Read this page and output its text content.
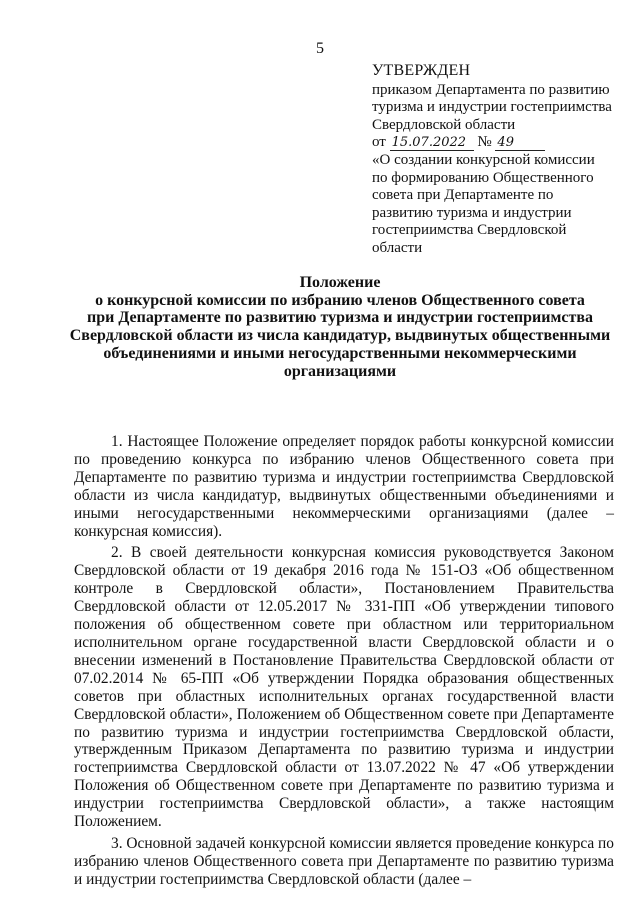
5
УТВЕРЖДЕН
приказом Департамента по развитию
туризма и индустрии гостеприимства
Свердловской области
от 15.07.2022 № 49
«О создании конкурсной комиссии
по формированию Общественного
совета при Департаменте по
развитию туризма и индустрии
гостеприимства Свердловской
области
Положение
о конкурсной комиссии по избранию членов Общественного совета
при Департаменте по развитию туризма и индустрии гостеприимства
Свердловской области из числа кандидатур, выдвинутых общественными
объединениями и иными негосударственными некоммерческими
организациями

1. Настоящее Положение определяет порядок работы конкурсной комиссии по проведению конкурса по избранию членов Общественного совета при Департаменте по развитию туризма и индустрии гостеприимства Свердловской области из числа кандидатур, выдвинутых общественными объединениями и иными негосударственными некоммерческими организациями (далее – конкурсная комиссия).

2. В своей деятельности конкурсная комиссия руководствуется Законом Свердловской области от 19 декабря 2016 года № 151-ОЗ «Об общественном контроле в Свердловской области», Постановлением Правительства Свердловской области от 12.05.2017 № 331-ПП «Об утверждении типового положения об общественном совете при областном или территориальном исполнительном органе государственной власти Свердловской области и о внесении изменений в Постановление Правительства Свердловской области от 07.02.2014 № 65-ПП «Об утверждении Порядка образования общественных советов при областных исполнительных органах государственной власти Свердловской области», Положением об Общественном совете при Департаменте по развитию туризма и индустрии гостеприимства Свердловской области, утвержденным Приказом Департамента по развитию туризма и индустрии гостеприимства Свердловской области от 13.07.2022 № 47 «Об утверждении Положения об Общественном совете при Департаменте по развитию туризма и индустрии гостеприимства Свердловской области», а также настоящим Положением.

3. Основной задачей конкурсной комиссии является проведение конкурса по избранию членов Общественного совета при Департаменте по развитию туризма и индустрии гостеприимства Свердловской области (далее –
